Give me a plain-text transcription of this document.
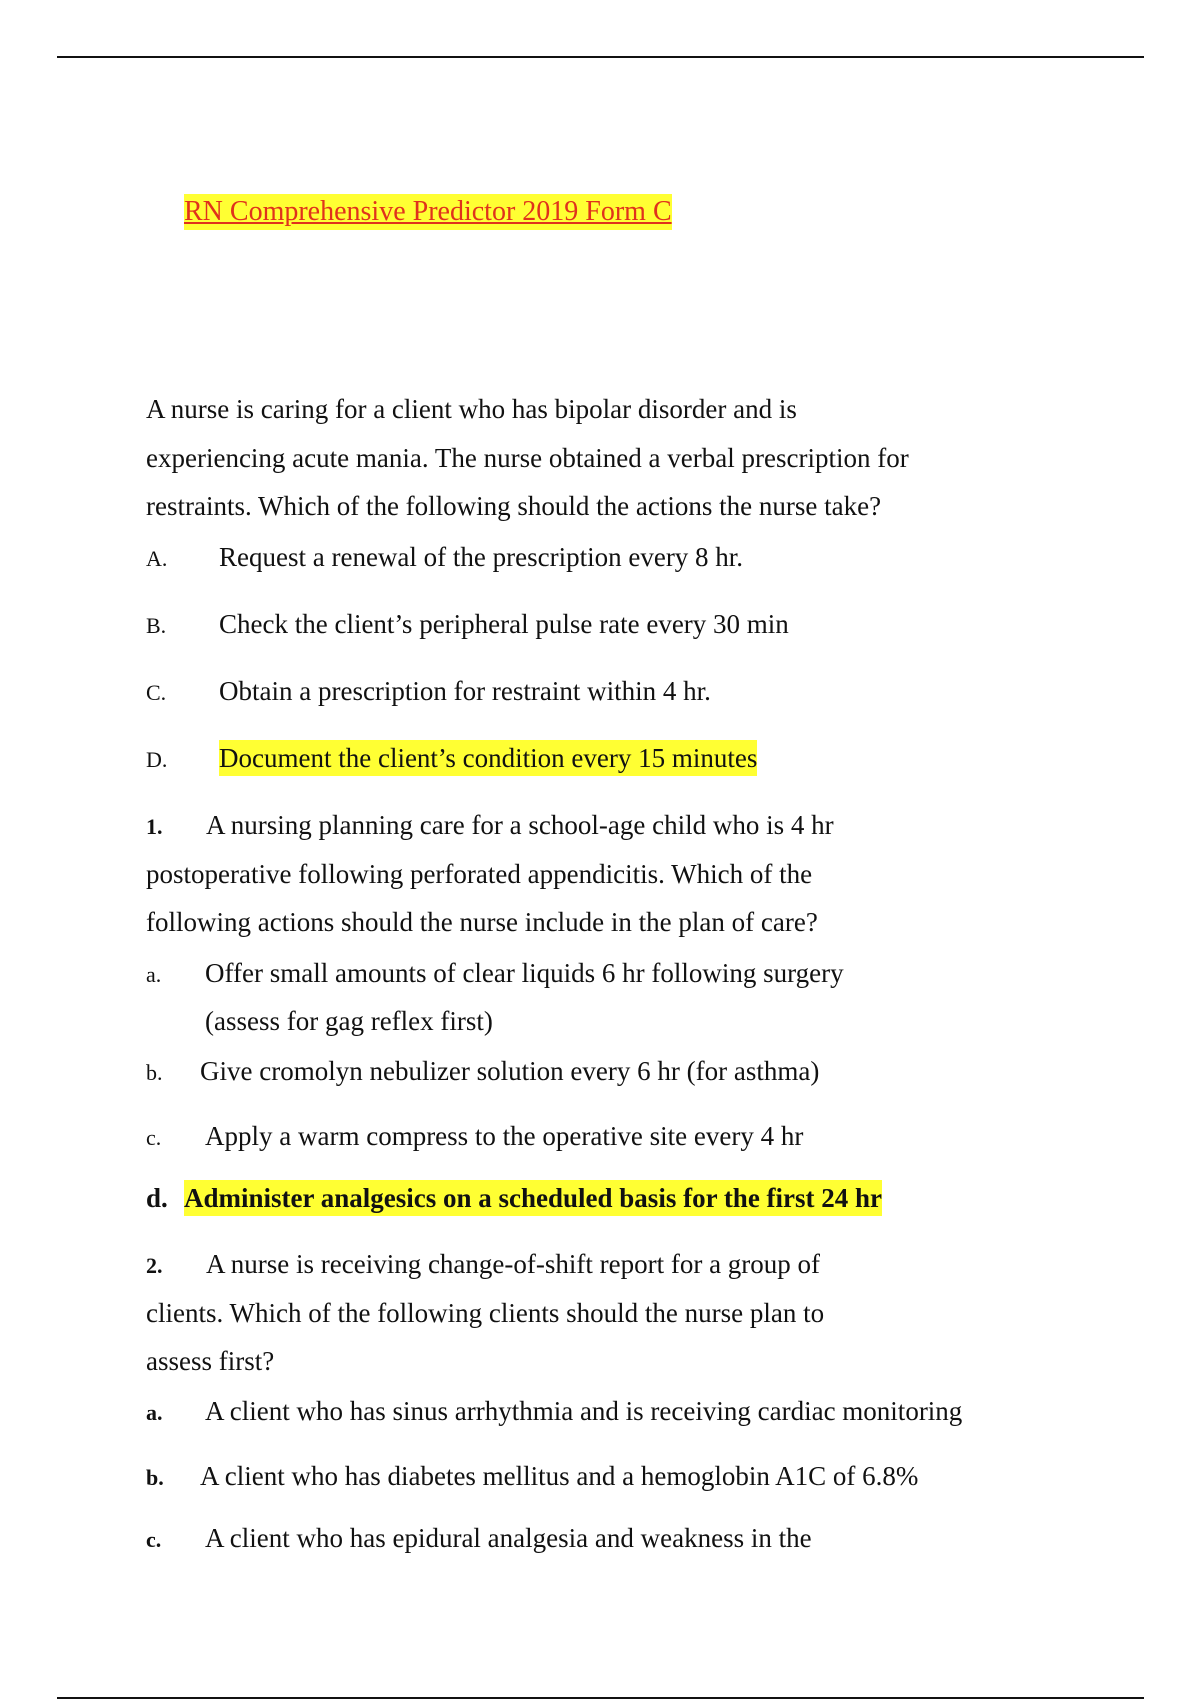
RN Comprehensive Predictor 2019 Form C
A nurse is caring for a client who has bipolar disorder and is
experiencing acute mania. The nurse obtained a verbal prescription for
restraints. Which of the following should the actions the nurse take?
A. Request a renewal of the prescription every 8 hr.
B. Check the client’s peripheral pulse rate every 30 min
C. Obtain a prescription for restraint within 4 hr.
D. Document the client’s condition every 15 minutes
1. A nursing planning care for a school-age child who is 4 hr
postoperative following perforated appendicitis. Which of the
following actions should the nurse include in the plan of care?
a. Offer small amounts of clear liquids 6 hr following surgery

(assess for gag reflex first)
b. Give cromolyn nebulizer solution every 6 hr (for asthma)
c. Apply a warm compress to the operative site every 4 hr
d. Administer analgesics on a scheduled basis for the first 24 hr
2. A nurse is receiving change-of-shift report for a group of
clients. Which of the following clients should the nurse plan to
assess first?
a. A client who has sinus arrhythmia and is receiving cardiac monitoring
b. A client who has diabetes mellitus and a hemoglobin A1C of 6.8%
c. A client who has epidural analgesia and weakness in the
